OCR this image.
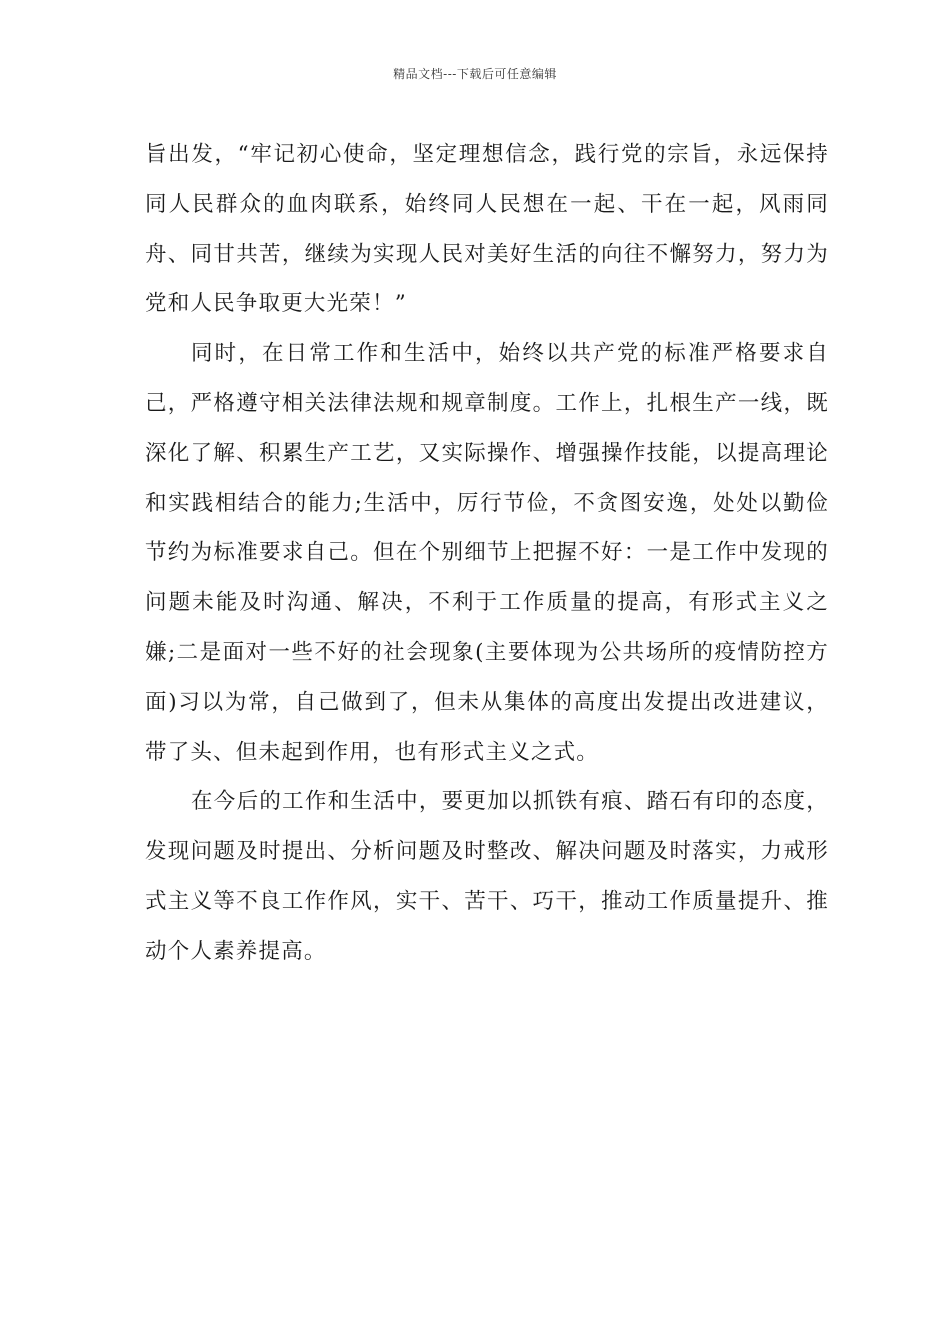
精品文档---下载后可任意编辑

旨出发，“牢记初心使命，坚定理想信念，践行党的宗旨，永远保持同人民群众的血肉联系，始终同人民想在一起、干在一起，风雨同舟、同甘共苦，继续为实现人民对美好生活的向往不懈努力，努力为党和人民争取更大光荣！”

同时，在日常工作和生活中，始终以共产党的标准严格要求自己，严格遵守相关法律法规和规章制度。工作上，扎根生产一线，既深化了解、积累生产工艺，又实际操作、增强操作技能，以提高理论和实践相结合的能力;生活中，厉行节俭，不贪图安逸，处处以勤俭节约为标准要求自己。但在个别细节上把握不好：一是工作中发现的问题未能及时沟通、解决，不利于工作质量的提高，有形式主义之嫌;二是面对一些不好的社会现象(主要体现为公共场所的疫情防控方面)习以为常，自己做到了，但未从集体的高度出发提出改进建议，带了头、但未起到作用，也有形式主义之式。

在今后的工作和生活中，要更加以抓铁有痕、踏石有印的态度，发现问题及时提出、分析问题及时整改、解决问题及时落实，力戒形式主义等不良工作作风，实干、苦干、巧干，推动工作质量提升、推动个人素养提高。
